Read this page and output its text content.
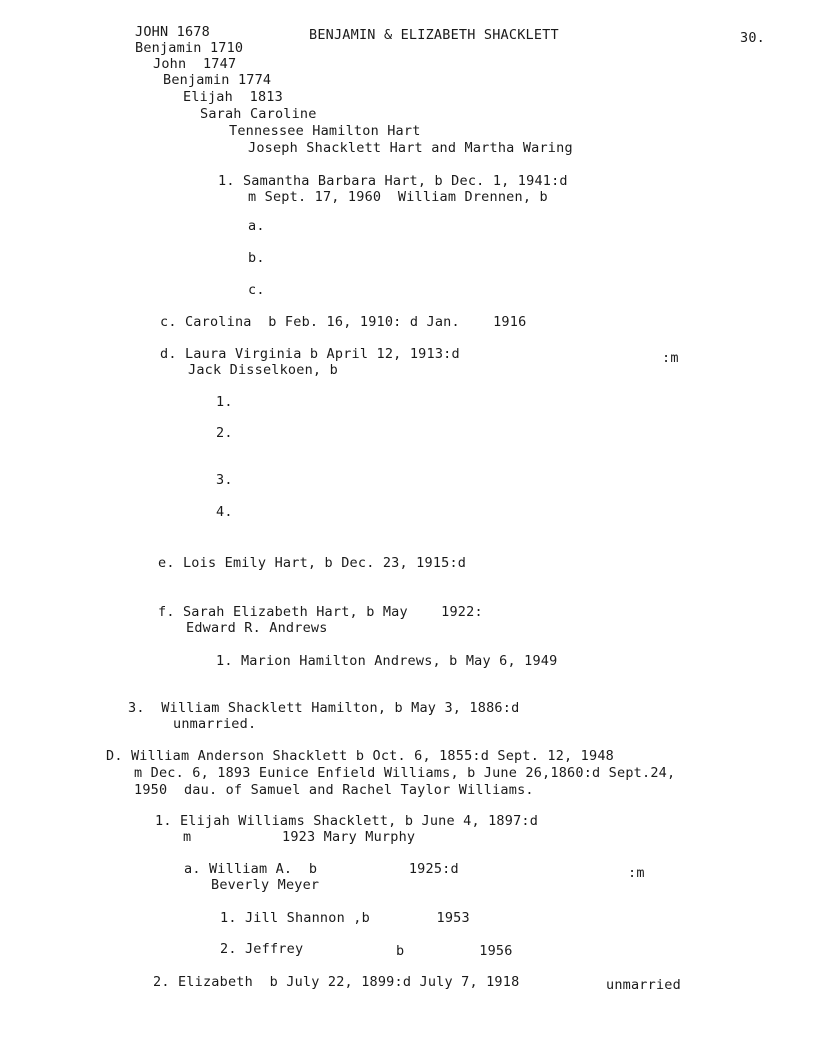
JOHN 1678
Benjamin 1710
John  1747
Benjamin 1774
Elijah  1813
Sarah Caroline
Tennessee Hamilton Hart
Joseph Shacklett Hart and Martha Waring
BENJAMIN & ELIZABETH SHACKLETT	30.
1. Samantha Barbara Hart, b Dec. 1, 1941:d
m Sept. 17, 1960  William Drennen, b
a.
b.
c.
c. Carolina  b Feb. 16, 1910: d Jan.    1916
d. Laura Virginia b April 12, 1913:d	:m
Jack Disselkoen, b
1.
2.
3.
4.
e. Lois Emily Hart, b Dec. 23, 1915:d
f. Sarah Elizabeth Hart, b May    1922:
Edward R. Andrews
1. Marion Hamilton Andrews, b May 6, 1949
3.  William Shacklett Hamilton, b May 3, 1886:d
unmarried.
D. William Anderson Shacklett b Oct. 6, 1855:d Sept. 12, 1948
m Dec. 6, 1893 Eunice Enfield Williams, b June 26,1860:d Sept.24,
1950  dau. of Samuel and Rachel Taylor Williams.
1. Elijah Williams Shacklett, b June 4, 1897:d
m	1923 Mary Murphy
a. William A.  b           1925:d	:m
Beverly Meyer
1. Jill Shannon ,b        1953
2. Jeffrey	b         1956
2. Elizabeth  b July 22, 1899:d July 7, 1918	unmarried
